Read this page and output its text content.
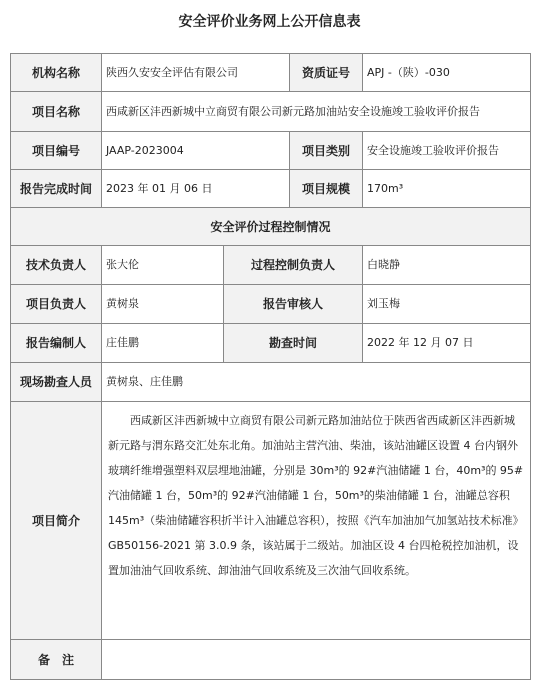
安全评价业务网上公开信息表
机构名称	陕西久安安全评估有限公司		资质证号	APJ -（陕）-030
项目名称	西咸新区沣西新城中立商贸有限公司新元路加油站安全设施竣工验收评价报告			
项目编号	JAAP-2023004		项目类别	安全设施竣工验收评价报告
报告完成时间	2023 年 01 月 06 日		项目规模	170m³
安全评价过程控制情况				
技术负责人	张大伦	过程控制负责人		白晓静
项目负责人	黄树泉	报告审核人		刘玉梅
报告编制人	庄佳鹏	勘查时间		2022 年 12 月 07 日
现场勘查人员	黄树泉、庄佳鹏			
项目简介	西咸新区沣西新城中立商贸有限公司新元路加油站位于陕西省西咸新区沣西新城新元路与渭东路交汇处东北角。加油站主营汽油、柴油，该站油罐区设置 4 台内钢外玻璃纤维增强塑料双层埋地油罐，分别是 30m³的 92#汽油储罐 1 台，40m³的 95#汽油储罐 1 台，50m³的 92#汽油储罐 1 台，50m³的柴油储罐 1 台，油罐总容积 145m³（柴油储罐容积折半计入油罐总容积），按照《汽车加油加气加氢站技术标准》GB50156-2021 第 3.0.9 条，该站属于二级站。加油区设 4 台四枪税控加油机，设置加油油气回收系统、卸油油气回收系统及三次油气回收系统。			
备　注				
